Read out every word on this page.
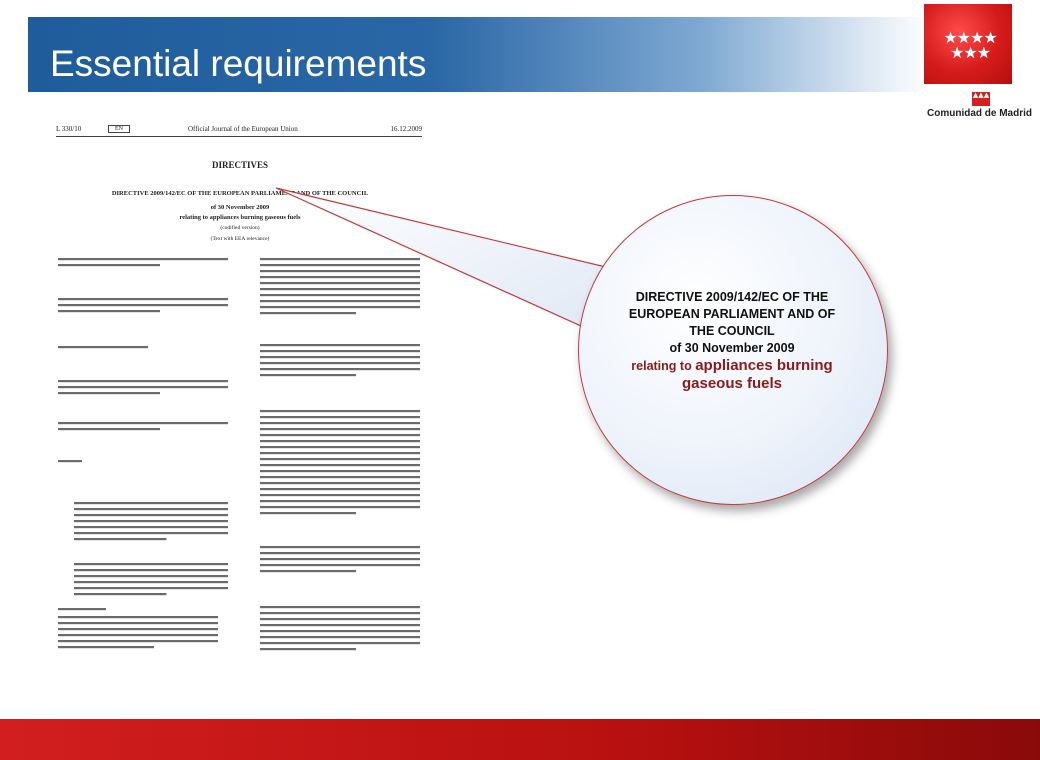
Essential requirements
★★★★
★★★
▲▲▲
Comunidad de Madrid
L 330/10	EN	Official Journal of the European Union	16.12.2009
DIRECTIVES
DIRECTIVE 2009/142/EC OF THE EUROPEAN PARLIAMENT AND OF THE COUNCIL
of 30 November 2009
relating to appliances burning gaseous fuels
(codified version)
(Text with EEA relevance)
DIRECTIVE 2009/142/EC OF THE
EUROPEAN PARLIAMENT AND OF
THE COUNCIL
of 30 November 2009
relating to appliances burning
gaseous fuels
